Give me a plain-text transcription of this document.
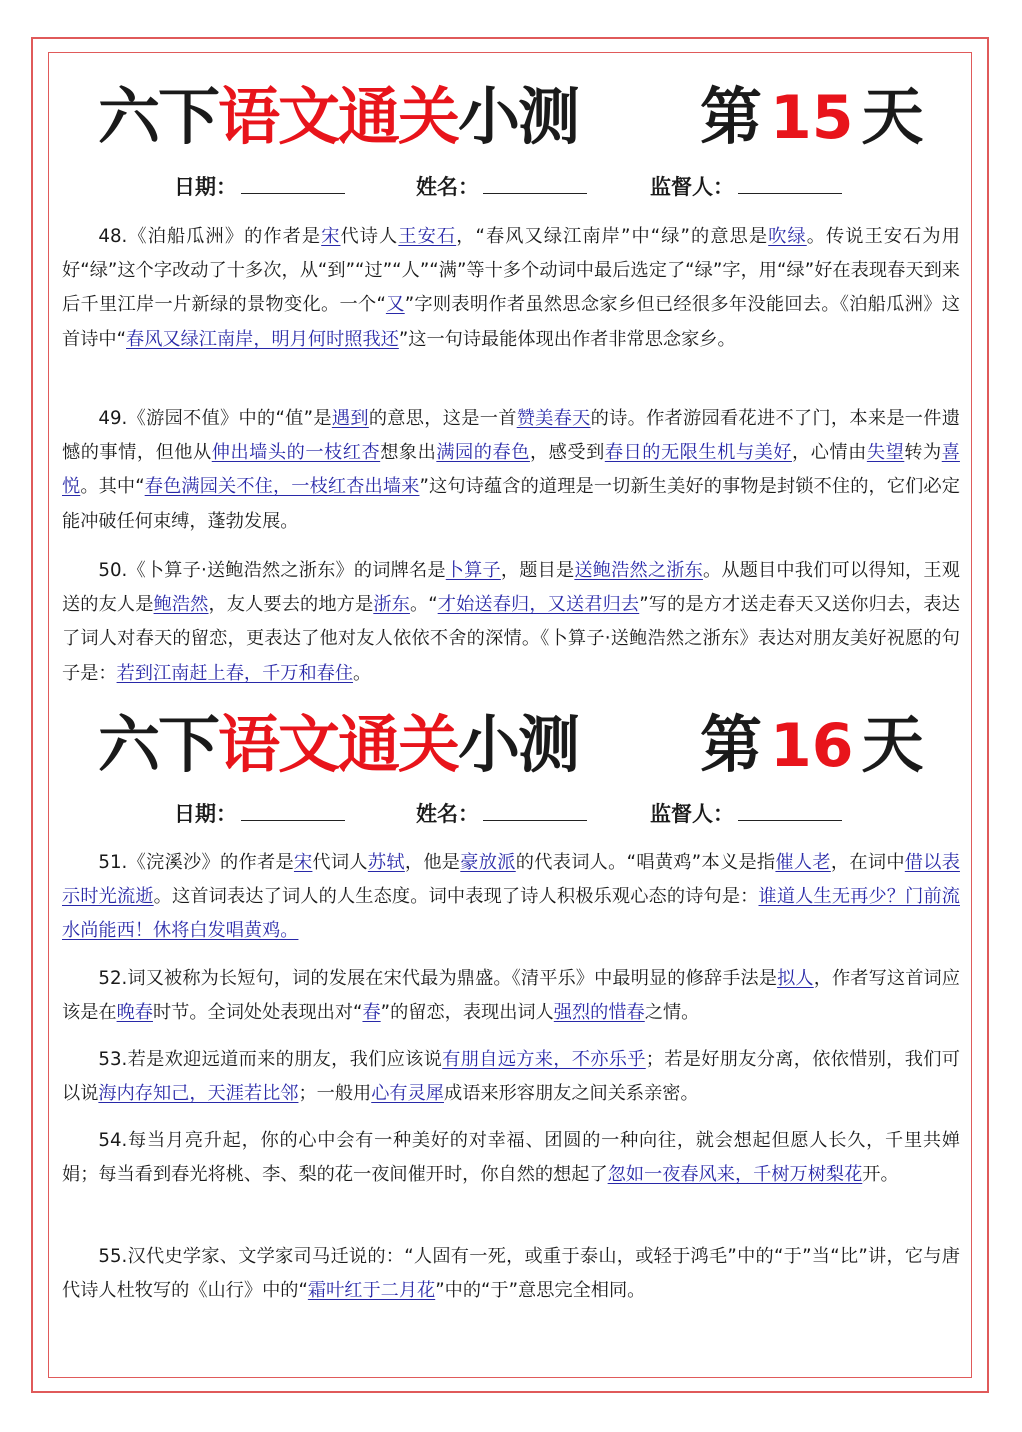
六下语文通关小测 第 15 天
日期：	姓名：	监督人：
48.《泊船瓜洲》的作者是宋代诗人王安石，“春风又绿江南岸”中“绿”的意思是吹绿。传说王安石为用好“绿”这个字改动了十多次，从“到”“过”“人”“满”等十多个动词中最后选定了“绿”字，用“绿”好在表现春天到来后千里江岸一片新绿的景物变化。一个“又”字则表明作者虽然思念家乡但已经很多年没能回去。《泊船瓜洲》这首诗中“春风又绿江南岸，明月何时照我还”这一句诗最能体现出作者非常思念家乡。
49.《游园不值》中的“值”是遇到的意思，这是一首赞美春天的诗。作者游园看花进不了门，本来是一件遗憾的事情，但他从伸出墙头的一枝红杏想象出满园的春色，感受到春日的无限生机与美好，心情由失望转为喜悦。其中“春色满园关不住，一枝红杏出墙来”这句诗蕴含的道理是一切新生美好的事物是封锁不住的，它们必定能冲破任何束缚，蓬勃发展。
50.《卜算子·送鲍浩然之浙东》的词牌名是卜算子，题目是送鲍浩然之浙东。从题目中我们可以得知，王观送的友人是鲍浩然，友人要去的地方是浙东。“才始送春归，又送君归去”写的是方才送走春天又送你归去，表达了词人对春天的留恋，更表达了他对友人依依不舍的深情。《卜算子·送鲍浩然之浙东》表达对朋友美好祝愿的句子是：若到江南赶上春，千万和春住。
六下语文通关小测 第 16 天
日期：	姓名：	监督人：
51.《浣溪沙》的作者是宋代词人苏轼，他是豪放派的代表词人。“唱黄鸡”本义是指催人老，在词中借以表示时光流逝。这首词表达了词人的人生态度。词中表现了诗人积极乐观心态的诗句是：谁道人生无再少？门前流水尚能西！休将白发唱黄鸡。
52.词又被称为长短句，词的发展在宋代最为鼎盛。《清平乐》中最明显的修辞手法是拟人，作者写这首词应该是在晚春时节。全词处处表现出对“春”的留恋，表现出词人强烈的惜春之情。
53.若是欢迎远道而来的朋友，我们应该说有朋自远方来，不亦乐乎；若是好朋友分离，依依惜别，我们可以说海内存知己，天涯若比邻；一般用心有灵犀成语来形容朋友之间关系亲密。
54.每当月亮升起，你的心中会有一种美好的对幸福、团圆的一种向往，就会想起但愿人长久，千里共婵娟；每当看到春光将桃、李、梨的花一夜间催开时，你自然的想起了忽如一夜春风来，千树万树梨花开。
55.汉代史学家、文学家司马迁说的：“人固有一死，或重于泰山，或轻于鸿毛”中的“于”当“比”讲，它与唐代诗人杜牧写的《山行》中的“霜叶红于二月花”中的“于”意思完全相同。
